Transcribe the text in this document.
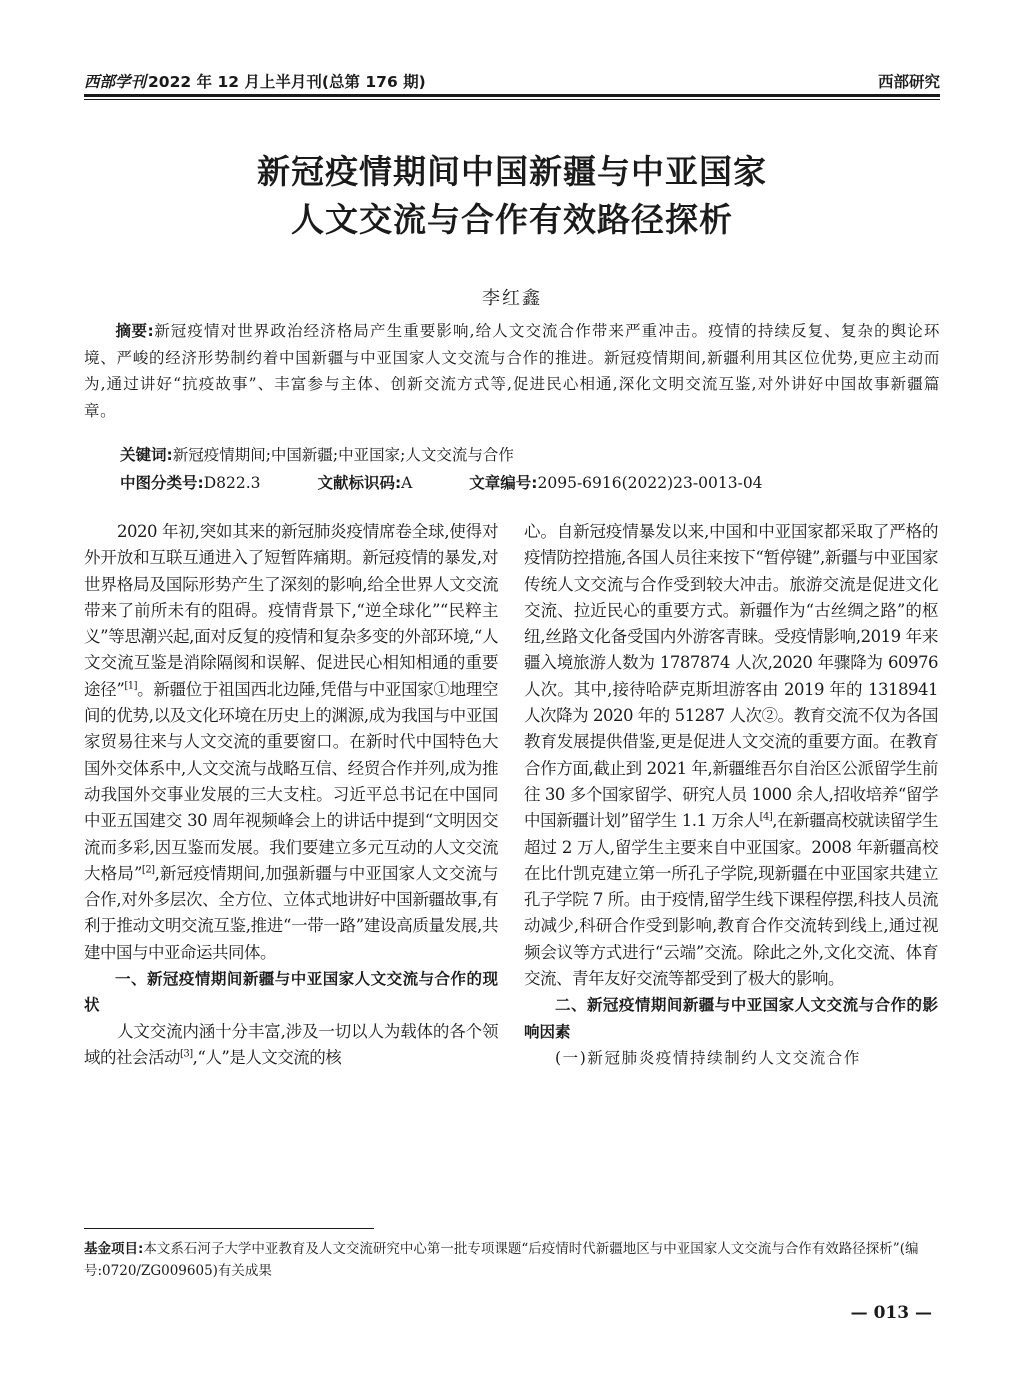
西部学刊 2022 年 12 月上半月刊(总第 176 期)	西部研究
新冠疫情期间中国新疆与中亚国家
人文交流与合作有效路径探析
李红鑫
摘要:新冠疫情对世界政治经济格局产生重要影响,给人文交流合作带来严重冲击。疫情的持续反复、复杂的舆论环境、严峻的经济形势制约着中国新疆与中亚国家人文交流与合作的推进。新冠疫情期间,新疆利用其区位优势,更应主动而为,通过讲好“抗疫故事”、丰富参与主体、创新交流方式等,促进民心相通,深化文明交流互鉴,对外讲好中国故事新疆篇章。
关键词:新冠疫情期间;中国新疆;中亚国家;人文交流与合作
中图分类号:D822.3	文献标识码:A	文章编号:2095-6916(2022)23-0013-04

2020 年初,突如其来的新冠肺炎疫情席卷全球,使得对外开放和互联互通进入了短暂阵痛期。新冠疫情的暴发,对世界格局及国际形势产生了深刻的影响,给全世界人文交流带来了前所未有的阻碍。疫情背景下,“逆全球化”“民粹主义”等思潮兴起,面对反复的疫情和复杂多变的外部环境,“人文交流互鉴是消除隔阂和误解、促进民心相知相通的重要途径”[1]。新疆位于祖国西北边陲,凭借与中亚国家①地理空间的优势,以及文化环境在历史上的渊源,成为我国与中亚国家贸易往来与人文交流的重要窗口。在新时代中国特色大国外交体系中,人文交流与战略互信、经贸合作并列,成为推动我国外交事业发展的三大支柱。习近平总书记在中国同中亚五国建交 30 周年视频峰会上的讲话中提到“文明因交流而多彩,因互鉴而发展。我们要建立多元互动的人文交流大格局”[2],新冠疫情期间,加强新疆与中亚国家人文交流与合作,对外多层次、全方位、立体式地讲好中国新疆故事,有利于推动文明交流互鉴,推进“一带一路”建设高质量发展,共建中国与中亚命运共同体。

一、新冠疫情期间新疆与中亚国家人文交流与合作的现状

人文交流内涵十分丰富,涉及一切以人为载体的各个领域的社会活动[3],“人”是人文交流的核

心。自新冠疫情暴发以来,中国和中亚国家都采取了严格的疫情防控措施,各国人员往来按下“暂停键”,新疆与中亚国家传统人文交流与合作受到较大冲击。旅游交流是促进文化交流、拉近民心的重要方式。新疆作为“古丝绸之路”的枢纽,丝路文化备受国内外游客青睐。受疫情影响,2019 年来疆入境旅游人数为 1787874 人次,2020 年骤降为 60976 人次。其中,接待哈萨克斯坦游客由 2019 年的 1318941 人次降为 2020 年的 51287 人次②。教育交流不仅为各国教育发展提供借鉴,更是促进人文交流的重要方面。在教育合作方面,截止到 2021 年,新疆维吾尔自治区公派留学生前往 30 多个国家留学、研究人员 1000 余人,招收培养“留学中国新疆计划”留学生 1.1 万余人[4],在新疆高校就读留学生超过 2 万人,留学生主要来自中亚国家。2008 年新疆高校在比什凯克建立第一所孔子学院,现新疆在中亚国家共建立孔子学院 7 所。由于疫情,留学生线下课程停摆,科技人员流动减少,科研合作受到影响,教育合作交流转到线上,通过视频会议等方式进行“云端”交流。除此之外,文化交流、体育交流、青年友好交流等都受到了极大的影响。

二、新冠疫情期间新疆与中亚国家人文交流与合作的影响因素
(一)新冠肺炎疫情持续制约人文交流合作
基金项目:本文系石河子大学中亚教育及人文交流研究中心第一批专项课题“后疫情时代新疆地区与中亚国家人文交流与合作有效路径探析”(编号:0720/ZG009605)有关成果
— 013 —
